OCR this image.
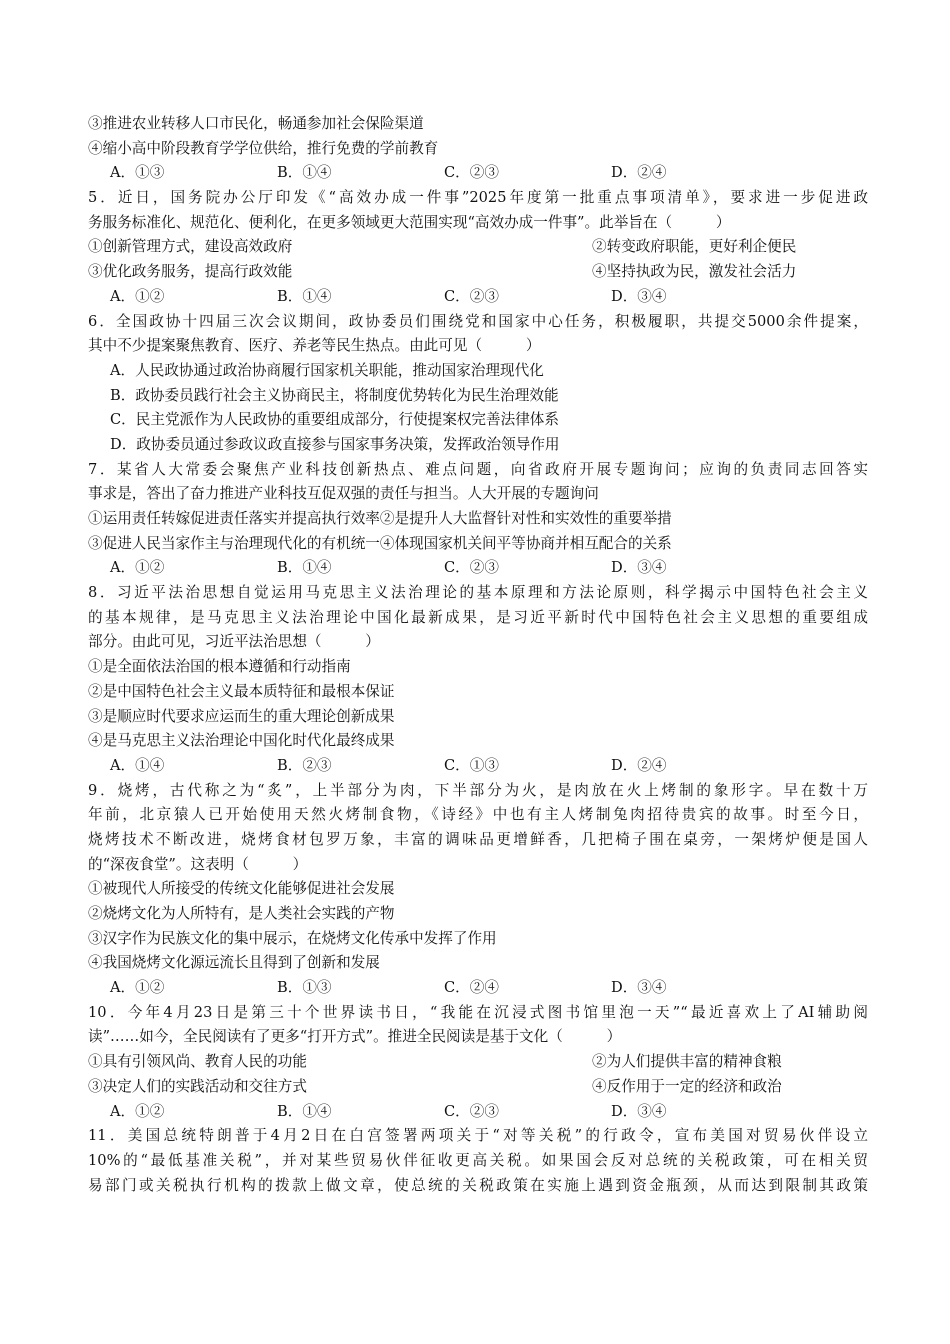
③推进农业转移人口市民化，畅通参加社会保险渠道
④缩小高中阶段教育学学位供给，推行免费的学前教育
A．①③	B．①④	C．②③	D．②④
5．近日，国务院办公厅印发《“高效办成一件事”2025年度第一批重点事项清单》，要求进一步促进政
务服务标准化、规范化、便利化，在更多领域更大范围实现“高效办成一件事”。此举旨在（　　　）
①创新管理方式，建设高效政府	②转变政府职能，更好利企便民
③优化政务服务，提高行政效能	④坚持执政为民，激发社会活力
A．①②	B．①④	C．②③	D．③④
6．全国政协十四届三次会议期间，政协委员们围绕党和国家中心任务，积极履职，共提交5000余件提案，
其中不少提案聚焦教育、医疗、养老等民生热点。由此可见（　　　）
A．人民政协通过政治协商履行国家机关职能，推动国家治理现代化
B．政协委员践行社会主义协商民主，将制度优势转化为民生治理效能
C．民主党派作为人民政协的重要组成部分，行使提案权完善法律体系
D．政协委员通过参政议政直接参与国家事务决策，发挥政治领导作用
7．某省人大常委会聚焦产业科技创新热点、难点问题，向省政府开展专题询问；应询的负责同志回答实
事求是，答出了奋力推进产业科技互促双强的责任与担当。人大开展的专题询问
①运用责任转嫁促进责任落实并提高执行效率②是提升人大监督针对性和实效性的重要举措
③促进人民当家作主与治理现代化的有机统一④体现国家机关间平等协商并相互配合的关系
A．①②	B．①④	C．②③	D．③④
8．习近平法治思想自觉运用马克思主义法治理论的基本原理和方法论原则，科学揭示中国特色社会主义
的基本规律，是马克思主义法治理论中国化最新成果，是习近平新时代中国特色社会主义思想的重要组成
部分。由此可见，习近平法治思想（　　　）
①是全面依法治国的根本遵循和行动指南
②是中国特色社会主义最本质特征和最根本保证
③是顺应时代要求应运而生的重大理论创新成果
④是马克思主义法治理论中国化时代化最终成果
A．①④	B．②③	C．①③	D．②④
9．烧烤，古代称之为“炙”，上半部分为肉，下半部分为火，是肉放在火上烤制的象形字。早在数十万
年前，北京猿人已开始使用天然火烤制食物，《诗经》中也有主人烤制兔肉招待贵宾的故事。时至今日，
烧烤技术不断改进，烧烤食材包罗万象，丰富的调味品更增鲜香，几把椅子围在桌旁，一架烤炉便是国人
的“深夜食堂”。这表明（　　　）
①被现代人所接受的传统文化能够促进社会发展
②烧烤文化为人所特有，是人类社会实践的产物
③汉字作为民族文化的集中展示，在烧烤文化传承中发挥了作用
④我国烧烤文化源远流长且得到了创新和发展
A．①②	B．①③	C．②④	D．③④
10．今年4月23日是第三十个世界读书日，“我能在沉浸式图书馆里泡一天”“最近喜欢上了AI辅助阅
读”……如今，全民阅读有了更多“打开方式”。推进全民阅读是基于文化（　　　）
①具有引领风尚、教育人民的功能	②为人们提供丰富的精神食粮
③决定人们的实践活动和交往方式	④反作用于一定的经济和政治
A．①②	B．①④	C．②③	D．③④
11．美国总统特朗普于4月2日在白宫签署两项关于“对等关税”的行政令，宣布美国对贸易伙伴设立
10%的“最低基准关税”，并对某些贸易伙伴征收更高关税。如果国会反对总统的关税政策，可在相关贸
易部门或关税执行机构的拨款上做文章，使总统的关税政策在实施上遇到资金瓶颈，从而达到限制其政策
